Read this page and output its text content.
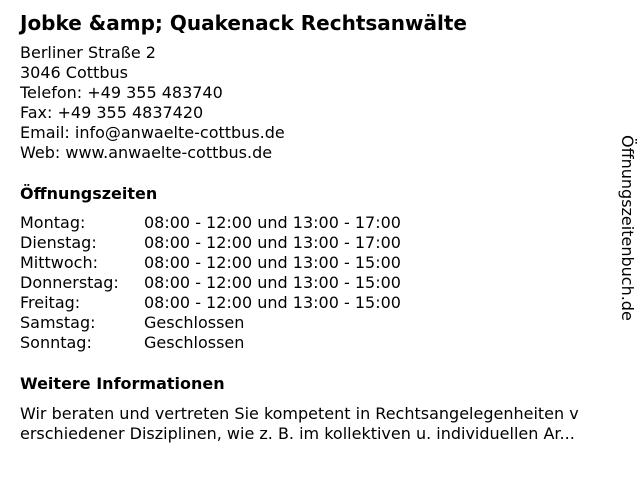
Jobke &amp; Quakenack Rechtsanwälte
Berliner Straße 2
3046 Cottbus
Telefon: +49 355 483740
Fax: +49 355 4837420
Email: info@anwaelte-cottbus.de
Web: www.anwaelte-cottbus.de
Öffnungszeiten
Montag:	08:00 - 12:00 und 13:00 - 17:00
Dienstag:	08:00 - 12:00 und 13:00 - 17:00
Mittwoch:	08:00 - 12:00 und 13:00 - 15:00
Donnerstag:	08:00 - 12:00 und 13:00 - 15:00
Freitag:	08:00 - 12:00 und 13:00 - 15:00
Samstag:	Geschlossen
Sonntag:	Geschlossen
Weitere Informationen
Wir beraten und vertreten Sie kompetent in Rechtsangelegenheiten v
erschiedener Disziplinen, wie z. B. im kollektiven u. individuellen Ar...
Öffnungszeitenbuch.de
